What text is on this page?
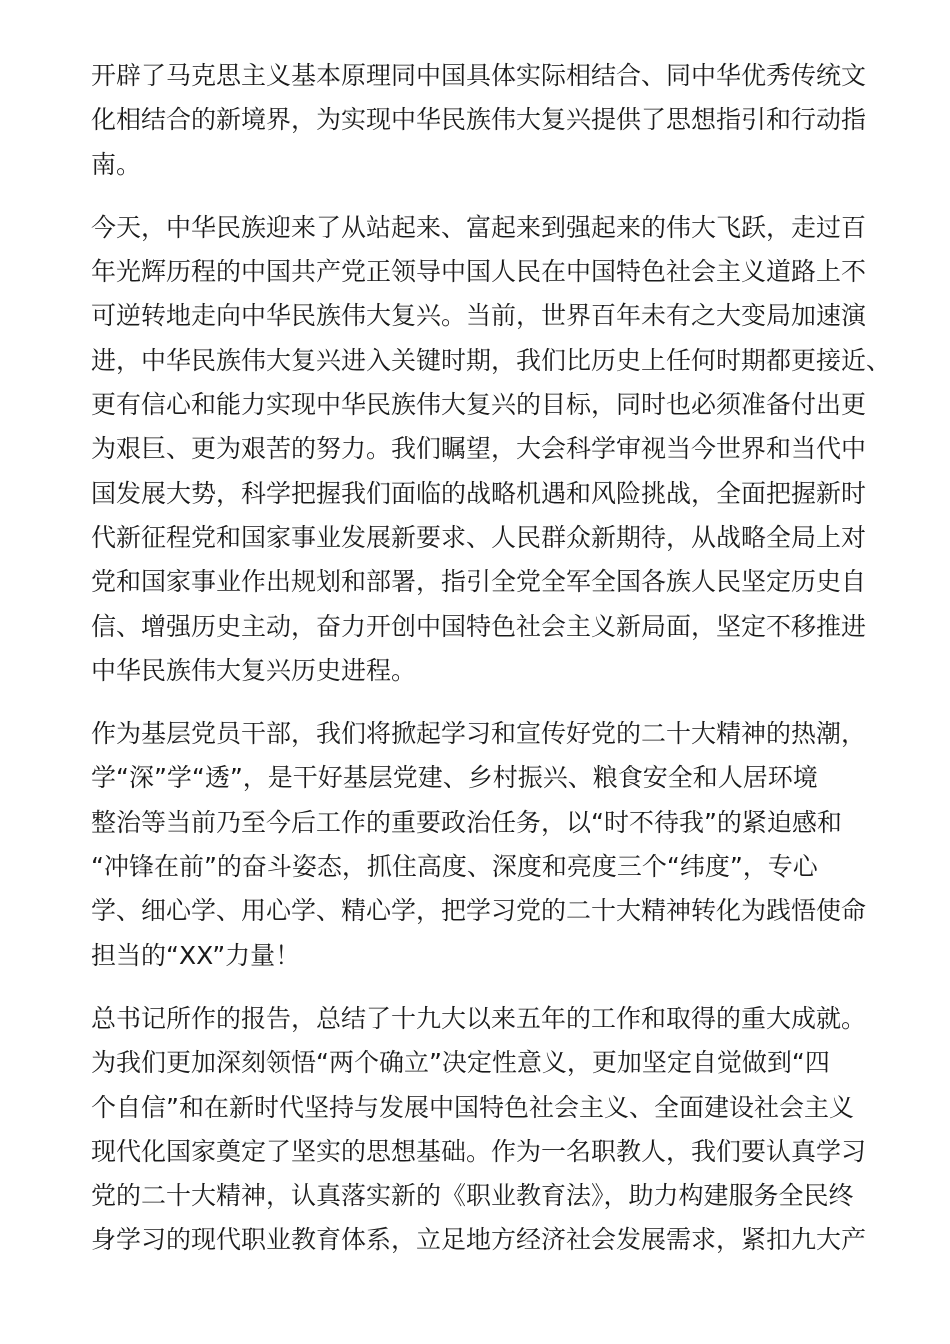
开辟了马克思主义基本原理同中国具体实际相结合、同中华优秀传统文
化相结合的新境界，为实现中华民族伟大复兴提供了思想指引和行动指
南。
今天，中华民族迎来了从站起来、富起来到强起来的伟大飞跃，走过百
年光辉历程的中国共产党正领导中国人民在中国特色社会主义道路上不
可逆转地走向中华民族伟大复兴。当前，世界百年未有之大变局加速演
进，中华民族伟大复兴进入关键时期，我们比历史上任何时期都更接近、
更有信心和能力实现中华民族伟大复兴的目标，同时也必须准备付出更
为艰巨、更为艰苦的努力。我们瞩望，大会科学审视当今世界和当代中
国发展大势，科学把握我们面临的战略机遇和风险挑战，全面把握新时
代新征程党和国家事业发展新要求、人民群众新期待，从战略全局上对
党和国家事业作出规划和部署，指引全党全军全国各族人民坚定历史自
信、增强历史主动，奋力开创中国特色社会主义新局面，坚定不移推进
中华民族伟大复兴历史进程。
作为基层党员干部，我们将掀起学习和宣传好党的二十大精神的热潮，
学“深”学“透”，是干好基层党建、乡村振兴、粮食安全和人居环境
整治等当前乃至今后工作的重要政治任务，以“时不待我”的紧迫感和
“冲锋在前”的奋斗姿态，抓住高度、深度和亮度三个“纬度”，专心
学、细心学、用心学、精心学，把学习党的二十大精神转化为践悟使命
担当的“XX”力量！
总书记所作的报告，总结了十九大以来五年的工作和取得的重大成就。
为我们更加深刻领悟“两个确立”决定性意义，更加坚定自觉做到“四
个自信”和在新时代坚持与发展中国特色社会主义、全面建设社会主义
现代化国家奠定了坚实的思想基础。作为一名职教人，我们要认真学习
党的二十大精神，认真落实新的《职业教育法》，助力构建服务全民终
身学习的现代职业教育体系，立足地方经济社会发展需求，紧扣九大产
